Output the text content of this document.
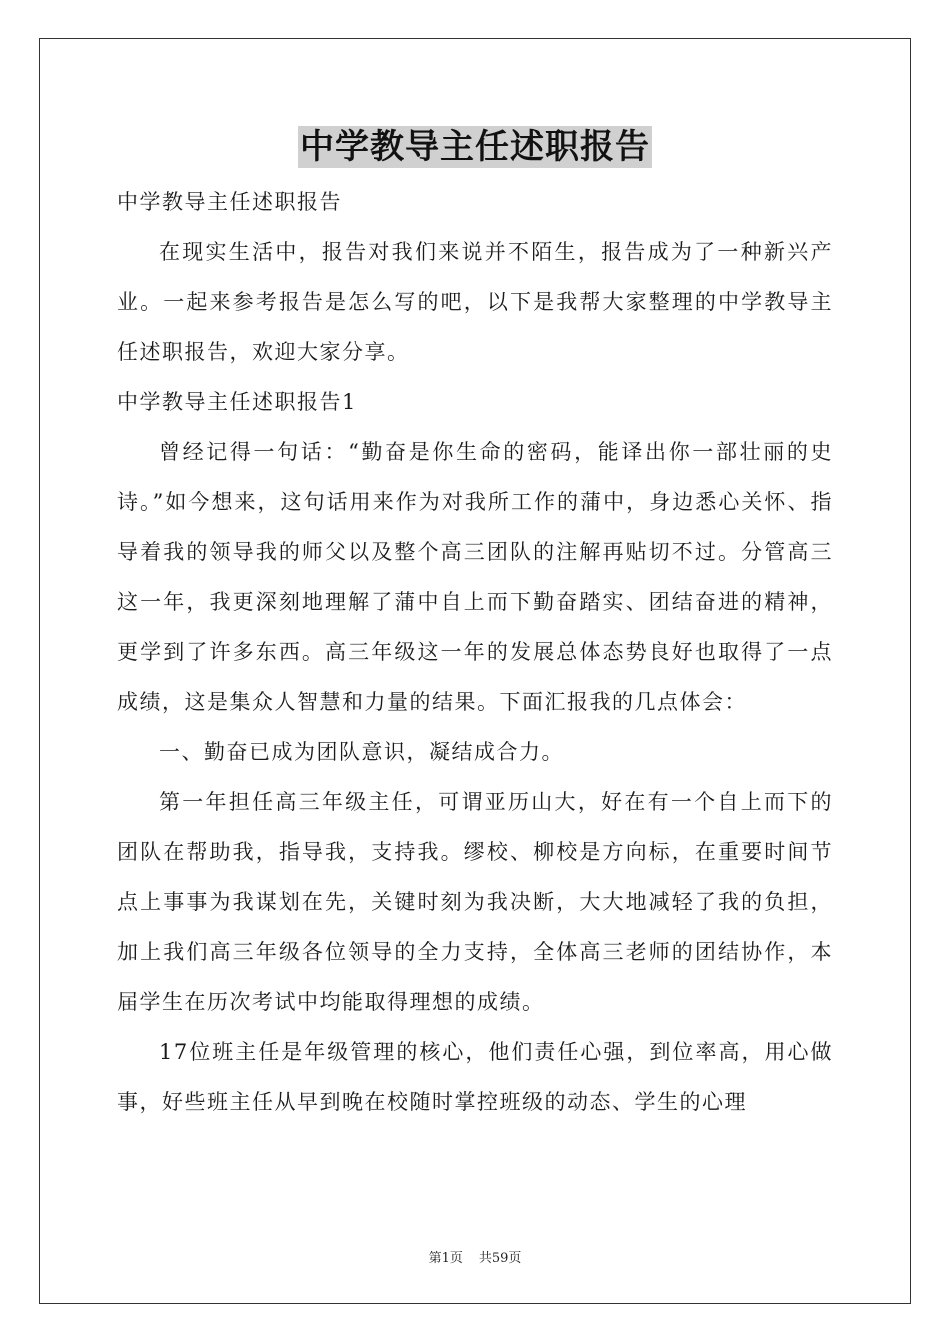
中学教导主任述职报告

中学教导主任述职报告

在现实生活中，报告对我们来说并不陌生，报告成为了一种新兴产业。一起来参考报告是怎么写的吧，以下是我帮大家整理的中学教导主任述职报告，欢迎大家分享。

中学教导主任述职报告1

曾经记得一句话：“勤奋是你生命的密码，能译出你一部壮丽的史诗。”如今想来，这句话用来作为对我所工作的蒲中，身边悉心关怀、指导着我的领导我的师父以及整个高三团队的注解再贴切不过。分管高三这一年，我更深刻地理解了蒲中自上而下勤奋踏实、团结奋进的精神，更学到了许多东西。高三年级这一年的发展总体态势良好也取得了一点成绩，这是集众人智慧和力量的结果。下面汇报我的几点体会：

一、勤奋已成为团队意识，凝结成合力。

第一年担任高三年级主任，可谓亚历山大，好在有一个自上而下的团队在帮助我，指导我，支持我。缪校、柳校是方向标，在重要时间节点上事事为我谋划在先，关键时刻为我决断，大大地减轻了我的负担，加上我们高三年级各位领导的全力支持，全体高三老师的团结协作，本届学生在历次考试中均能取得理想的成绩。

17位班主任是年级管理的核心，他们责任心强，到位率高，用心做事，好些班主任从早到晚在校随时掌控班级的动态、学生的心理

第1页 共59页
